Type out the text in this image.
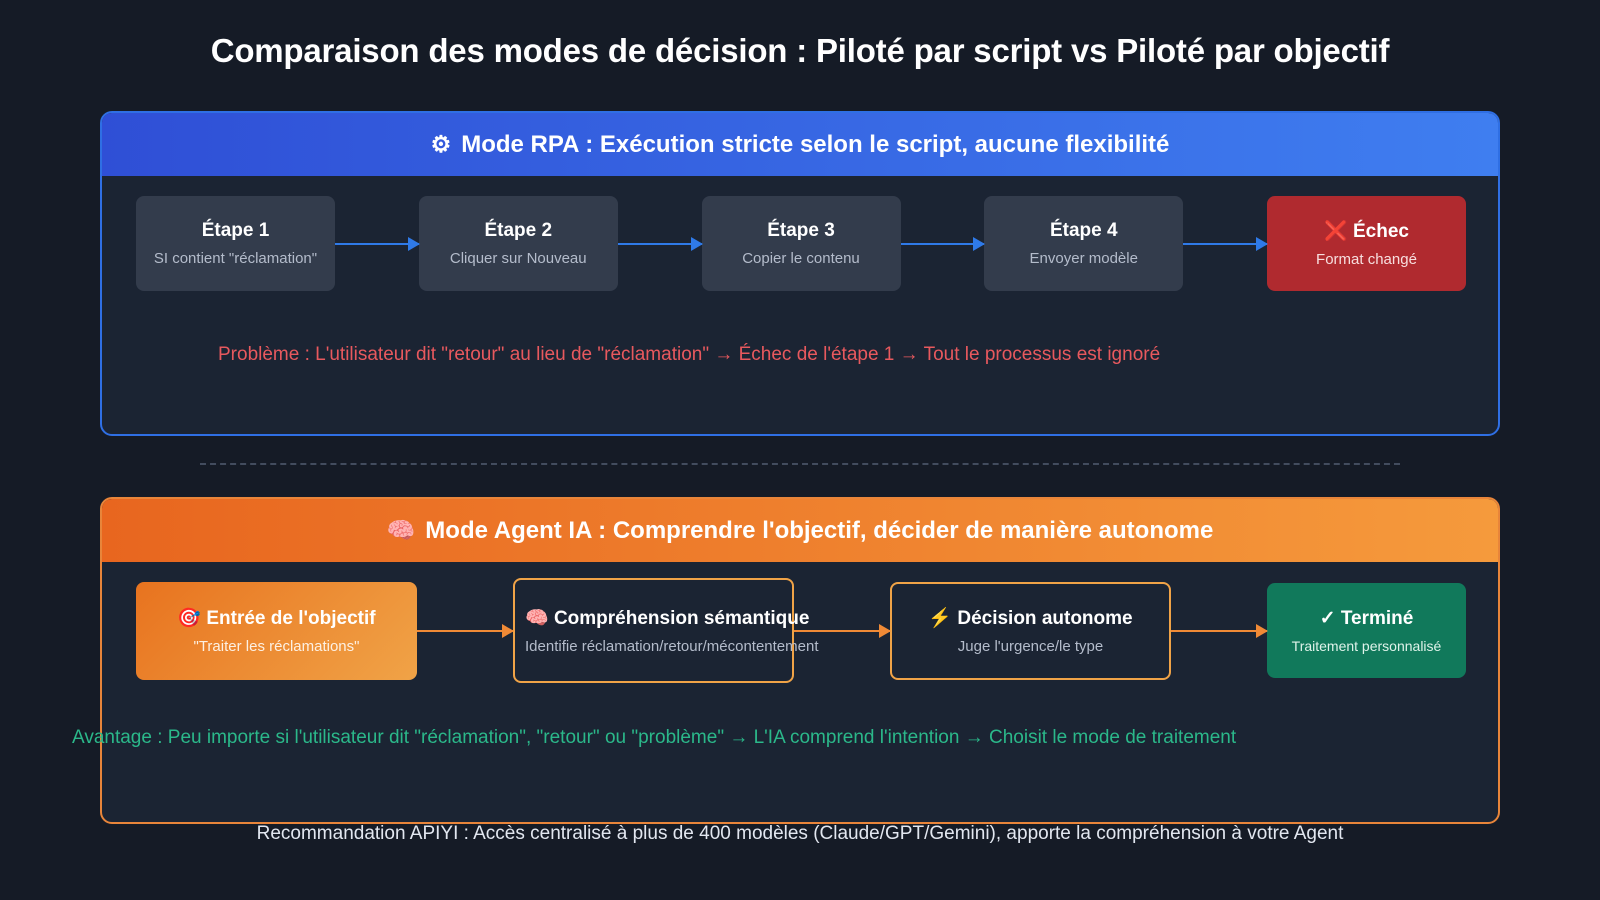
Comparaison des modes de décision : Piloté par script vs Piloté par objectif
⚙ Mode RPA : Exécution stricte selon le script, aucune flexibilité
Étape 1
SI contient "réclamation"
Étape 2
Cliquer sur Nouveau
Étape 3
Copier le contenu
Étape 4
Envoyer modèle
❌ Échec
Format changé
Problème : L'utilisateur dit "retour" au lieu de "réclamation" → Échec de l'étape 1 → Tout le processus est ignoré
🧠 Mode Agent IA : Comprendre l'objectif, décider de manière autonome
🎯 Entrée de l'objectif
"Traiter les réclamations"
🧠 Compréhension sémantique
Identifie réclamation/retour/mécontentement
⚡ Décision autonome
Juge l'urgence/le type
✓ Terminé
Traitement personnalisé
Avantage : Peu importe si l'utilisateur dit "réclamation", "retour" ou "problème" → L'IA comprend l'intention → Choisit le mode de traitement
Recommandation APIYI : Accès centralisé à plus de 400 modèles (Claude/GPT/Gemini), apporte la compréhension à votre Agent
